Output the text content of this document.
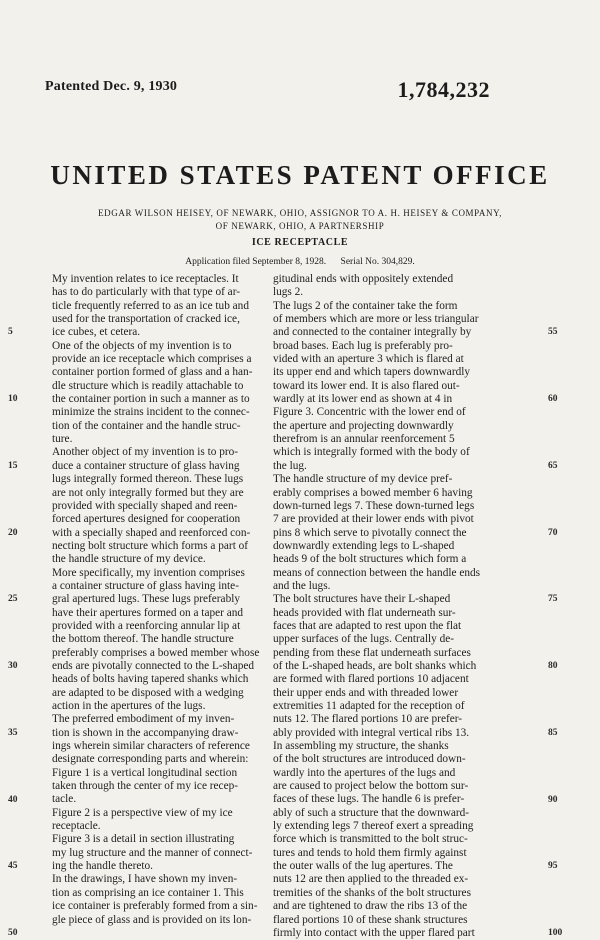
Patented Dec. 9, 1930	1,784,232
UNITED STATES PATENT OFFICE
EDGAR WILSON HEISEY, OF NEWARK, OHIO, ASSIGNOR TO A. H. HEISEY & COMPANY,
OF NEWARK, OHIO, A PARTNERSHIP
ICE RECEPTACLE
Application filed September 8, 1928. Serial No. 304,829.
My invention relates to ice receptacles. It
has to do particularly with that type of ar-
ticle frequently referred to as an ice tub and
used for the transportation of cracked ice,
ice cubes, et cetera.
One of the objects of my invention is to
provide an ice receptacle which comprises a
container portion formed of glass and a han-
dle structure which is readily attachable to
the container portion in such a manner as to
minimize the strains incident to the connec-
tion of the container and the handle struc-
ture.
Another object of my invention is to pro-
duce a container structure of glass having
lugs integrally formed thereon. These lugs
are not only integrally formed but they are
provided with specially shaped and reen-
forced apertures designed for cooperation
with a specially shaped and reenforced con-
necting bolt structure which forms a part of
the handle structure of my device.
More specifically, my invention comprises
a container structure of glass having inte-
gral apertured lugs. These lugs preferably
have their apertures formed on a taper and
provided with a reenforcing annular lip at
the bottom thereof. The handle structure
preferably comprises a bowed member whose
ends are pivotally connected to the L-shaped
heads of bolts having tapered shanks which
are adapted to be disposed with a wedging
action in the apertures of the lugs.
The preferred embodiment of my inven-
tion is shown in the accompanying draw-
ings wherein similar characters of reference
designate corresponding parts and wherein:
Figure 1 is a vertical longitudinal section
taken through the center of my ice recep-
tacle.
Figure 2 is a perspective view of my ice
receptacle.
Figure 3 is a detail in section illustrating
my lug structure and the manner of connect-
ing the handle thereto.
In the drawings, I have shown my inven-
tion as comprising an ice container 1. This
ice container is preferably formed from a sin-
gle piece of glass and is provided on its lon-
gitudinal ends with oppositely extended
lugs 2.
The lugs 2 of the container take the form
of members which are more or less triangular
and connected to the container integrally by
broad bases. Each lug is preferably pro-
vided with an aperture 3 which is flared at
its upper end and which tapers downwardly
toward its lower end. It is also flared out-
wardly at its lower end as shown at 4 in
Figure 3. Concentric with the lower end of
the aperture and projecting downwardly
therefrom is an annular reenforcement 5
which is integrally formed with the body of
the lug.
The handle structure of my device pref-
erably comprises a bowed member 6 having
down-turned legs 7. These down-turned legs
7 are provided at their lower ends with pivot
pins 8 which serve to pivotally connect the
downwardly extending legs to L-shaped
heads 9 of the bolt structures which form a
means of connection between the handle ends
and the lugs.
The bolt structures have their L-shaped
heads provided with flat underneath sur-
faces that are adapted to rest upon the flat
upper surfaces of the lugs. Centrally de-
pending from these flat underneath surfaces
of the L-shaped heads, are bolt shanks which
are formed with flared portions 10 adjacent
their upper ends and with threaded lower
extremities 11 adapted for the reception of
nuts 12. The flared portions 10 are prefer-
ably provided with integral vertical ribs 13.
In assembling my structure, the shanks
of the bolt structures are introduced down-
wardly into the apertures of the lugs and
are caused to project below the bottom sur-
faces of these lugs. The handle 6 is prefer-
ably of such a structure that the downward-
ly extending legs 7 thereof exert a spreading
force which is transmitted to the bolt struc-
tures and tends to hold them firmly against
the outer walls of the lug apertures. The
nuts 12 are then applied to the threaded ex-
tremities of the shanks of the bolt structures
and are tightened to draw the ribs 13 of the
flared portions 10 of these shank structures
firmly into contact with the upper flared part
5
10
15
20
25
30
35
40
45
50
55
60
65
70
75
80
85
90
95
100
